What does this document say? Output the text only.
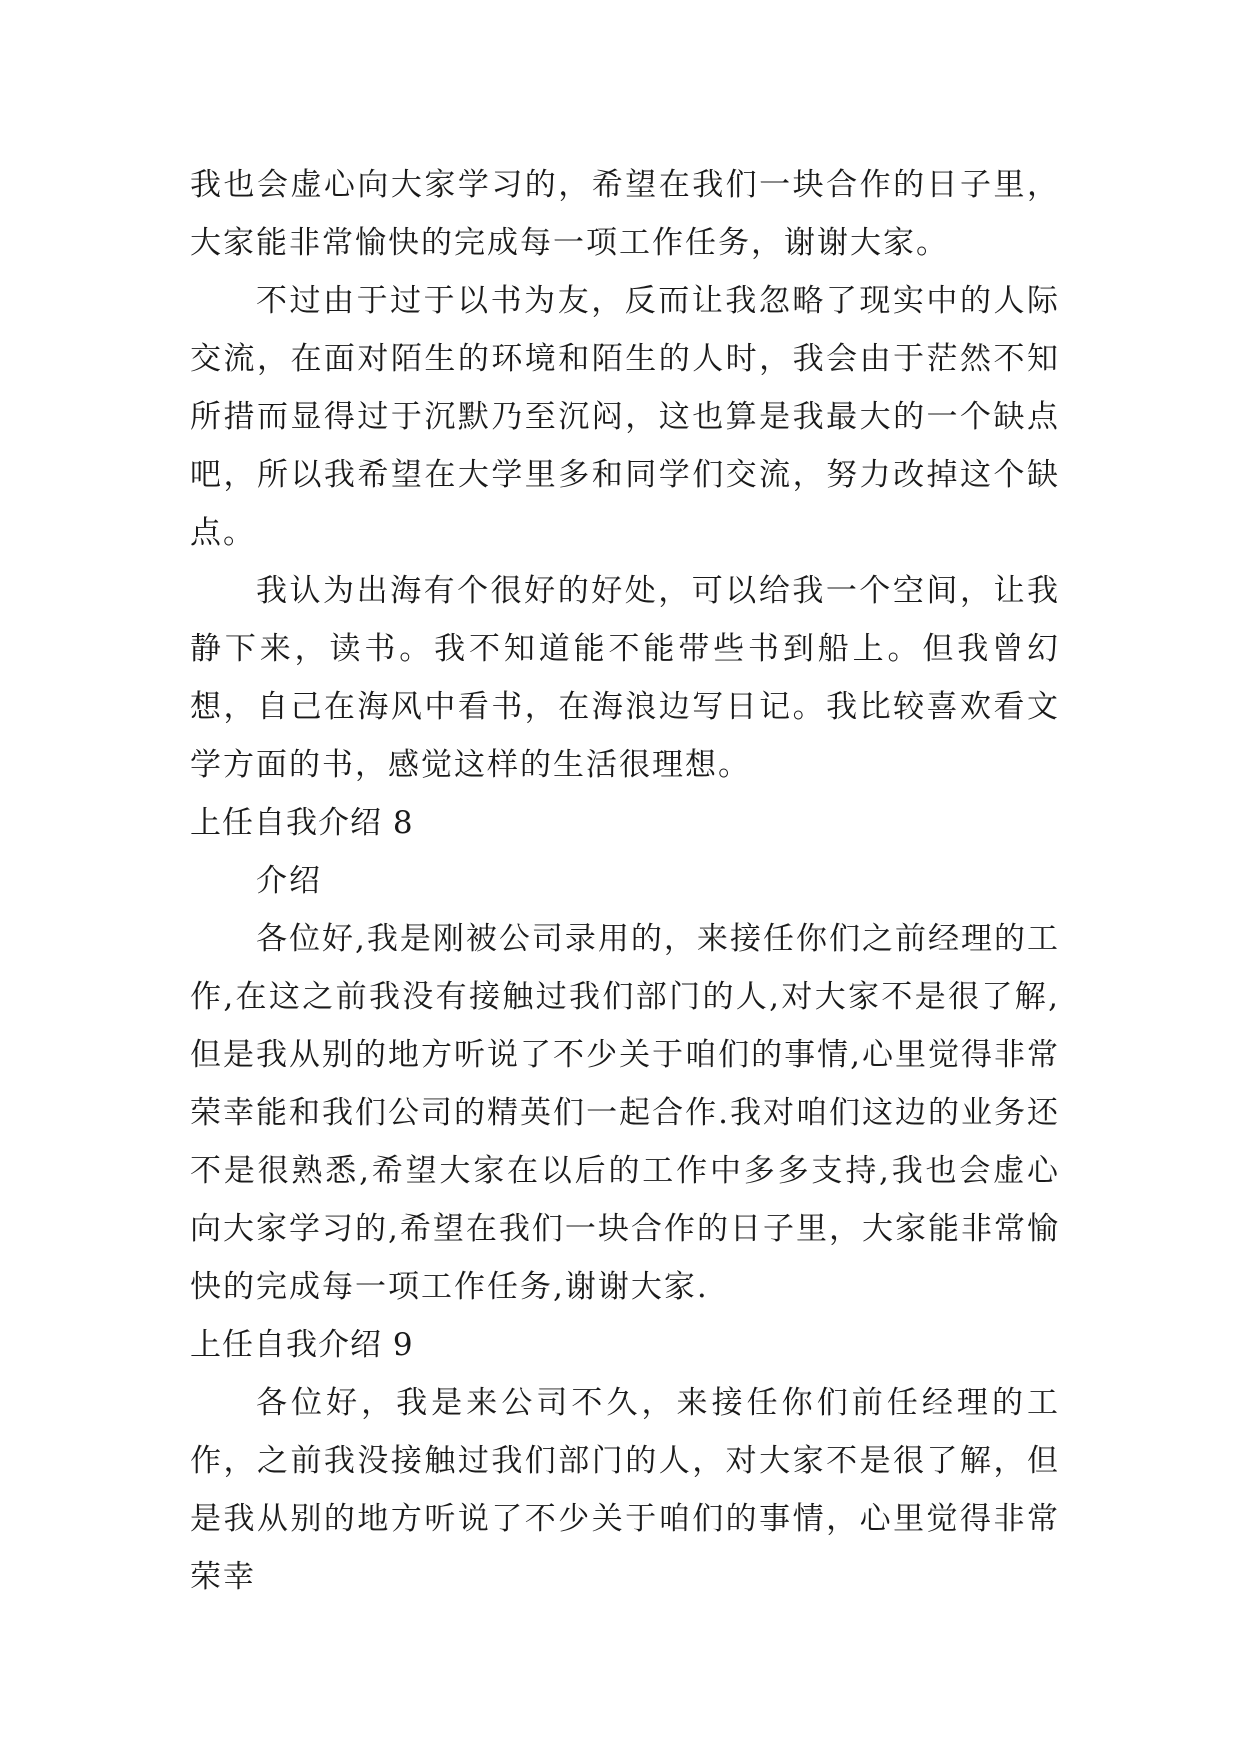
我也会虚心向大家学习的，希望在我们一块合作的日子里，大家能非常愉快的完成每一项工作任务，谢谢大家。

不过由于过于以书为友，反而让我忽略了现实中的人际交流，在面对陌生的环境和陌生的人时，我会由于茫然不知所措而显得过于沉默乃至沉闷，这也算是我最大的一个缺点吧，所以我希望在大学里多和同学们交流，努力改掉这个缺点。

我认为出海有个很好的好处，可以给我一个空间，让我静下来，读书。我不知道能不能带些书到船上。但我曾幻想，自己在海风中看书，在海浪边写日记。我比较喜欢看文学方面的书，感觉这样的生活很理想。

上任自我介绍 8

介绍

各位好,我是刚被公司录用的，来接任你们之前经理的工作,在这之前我没有接触过我们部门的人,对大家不是很了解,但是我从别的地方听说了不少关于咱们的事情,心里觉得非常荣幸能和我们公司的精英们一起合作.我对咱们这边的业务还不是很熟悉,希望大家在以后的工作中多多支持,我也会虚心向大家学习的,希望在我们一块合作的日子里，大家能非常愉快的完成每一项工作任务,谢谢大家.

上任自我介绍 9

各位好，我是来公司不久，来接任你们前任经理的工作，之前我没接触过我们部门的人，对大家不是很了解，但是我从别的地方听说了不少关于咱们的事情，心里觉得非常荣幸
